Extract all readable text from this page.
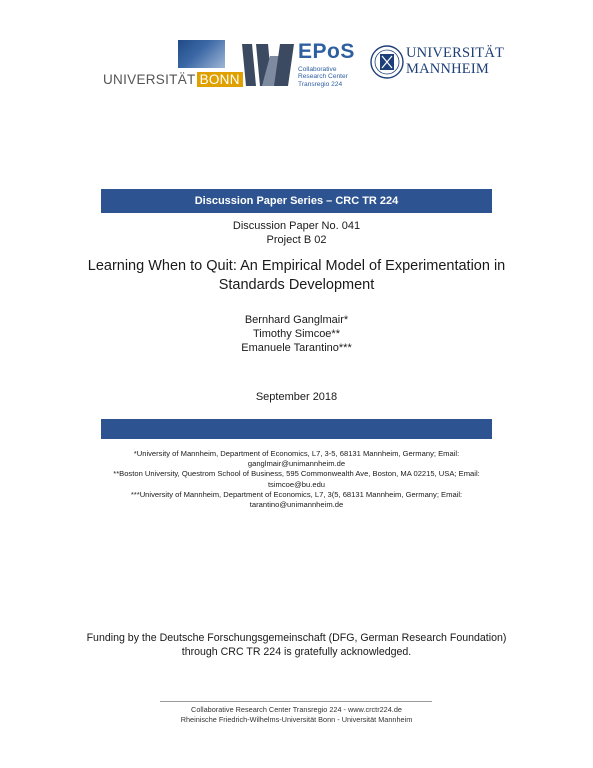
UNIVERSITÄT BONN
EPoS
Collaborative
Research Center
Transregio 224
UNIVERSITÄT
MANNHEIM
Discussion Paper Series – CRC TR 224
Discussion Paper No. 041
Project B 02
Learning When to Quit: An Empirical Model of Experimentation in Standards Development
Bernhard Ganglmair*
Timothy Simcoe**
Emanuele Tarantino***
September 2018
*University of Mannheim, Department of Economics, L7, 3-5, 68131 Mannheim, Germany; Email:
ganglmair@unimannheim.de
**Boston University, Questrom School of Business, 595 Commonwealth Ave, Boston, MA 02215, USA; Email:
tsimcoe@bu.edu
***University of Mannheim, Department of Economics, L7, 3(5, 68131 Mannheim, Germany; Email:
tarantino@unimannheim.de
Funding by the Deutsche Forschungsgemeinschaft (DFG, German Research Foundation)
through CRC TR 224 is gratefully acknowledged.
Collaborative Research Center Transregio 224 - www.crctr224.de
Rheinische Friedrich-Wilhelms-Universität Bonn - Universität Mannheim
